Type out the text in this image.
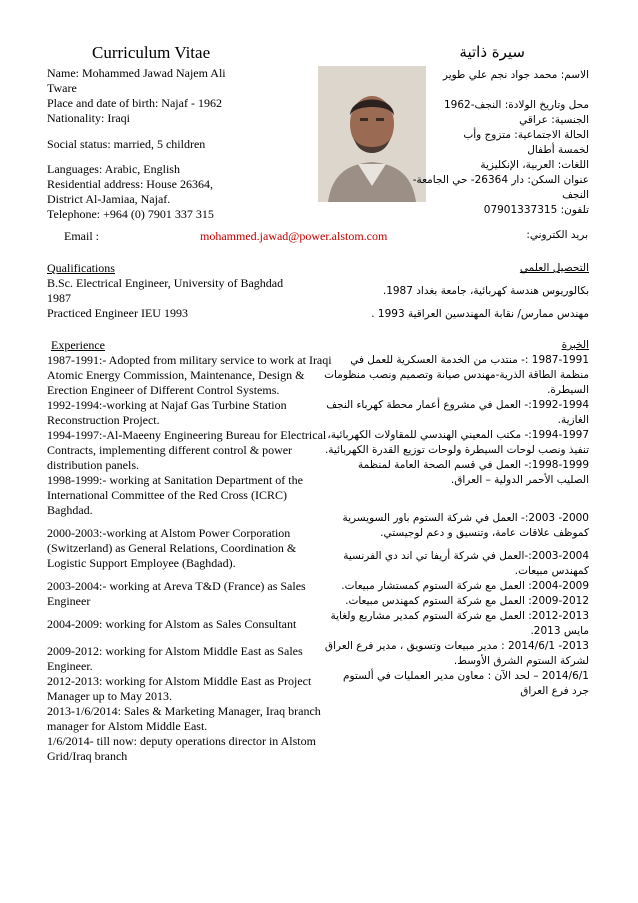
Curriculum Vitae	سيرة ذاتية
Name: Mohammed Jawad Najem Ali
Tware
Place and date of birth: Najaf - 1962
Nationality: Iraqi
Social status: married, 5 children
Languages: Arabic, English
Residential address: House 26364,
District Al-Jamiaa, Najaf.
Telephone: +964 (0) 7901 337 315
Email :	mohammed.jawad@power.alstom.com	بريد الكتروني:
الاسم: محمد جواد نجم علي طوير
محل وتاريخ الولادة: النجف-1962
الجنسية: عراقي
الحالة الاجتماعية: متزوج وأب
لخمسة أطفال
اللغات: العربية، الإنكليزية
عنوان السكن: دار 26364- حي الجامعة-
النجف
تلفون: 07901337315
Qualifications
B.Sc. Electrical Engineer, University of Baghdad
1987
Practiced Engineer IEU 1993
التحصيل العلمي
بكالوريوس هندسة كهربائية، جامعة بغداد 1987.
مهندس ممارس/ نقابة المهندسين العراقية 1993 .
Experience
1987-1991:- Adopted from military service to work at Iraqi Atomic Energy Commission, Maintenance, Design & Erection Engineer of Different Control Systems.
1992-1994:-working at Najaf Gas Turbine Station Reconstruction Project.
1994-1997:-Al-Maeeny Engineering Bureau for Electrical Contracts, implementing different control & power distribution panels.
1998-1999:- working at Sanitation Department of the International Committee of the Red Cross (ICRC) Baghdad.
2000-2003:-working at Alstom Power Corporation (Switzerland) as General Relations, Coordination & Logistic Support Employee (Baghdad).
2003-2004:- working at Areva T&D (France) as Sales Engineer
2004-2009: working for Alstom as Sales Consultant
2009-2012: working for Alstom Middle East as Sales Engineer.
2012-2013: working for Alstom Middle East as Project Manager up to May 2013.
2013-1/6/2014: Sales & Marketing Manager, Iraq branch manager for Alstom Middle East.
1/6/2014- till now: deputy operations director in Alstom Grid/Iraq branch
الخبرة
1987-1991 :- منتدب من الخدمة العسكرية للعمل في منظمة الطاقة الذرية-مهندس صيانة وتصميم ونصب منظومات السيطرة.
1992-1994:- العمل في مشروع أعمار محطة كهرباء النجف الغازية.
1994-1997:- مكتب المعيني الهندسي للمقاولات الكهربائية، تنفيذ ونصب لوحات السيطرة ولوحات توزيع القدرة الكهربائية.
1998-1999:- العمل في قسم الصحة العامة لمنظمة الصليب الأحمر الدولية – العراق.
2000- 2003:- العمل في شركة الستوم باور السويسرية كموظف علاقات عامة، وتنسيق و دعم لوجيستي.
2003-2004:-العمل في شركة أريفا تي اند دي الفرنسية كمهندس مبيعات.
2004-2009: العمل مع شركة الستوم كمستشار مبيعات.
2009-2012: العمل مع شركة الستوم كمهندس مبيعات.
2012-2013: العمل مع شركة الستوم كمدير مشاريع ولغاية مايس 2013.
2013- 2014/6/1 : مدير مبيعات وتسويق ، مدير فرع العراق لشركة الستوم الشرق الأوسط.
2014/6/1 – لحد الآن : معاون مدير العمليات في ألستوم جرد فرع العراق
